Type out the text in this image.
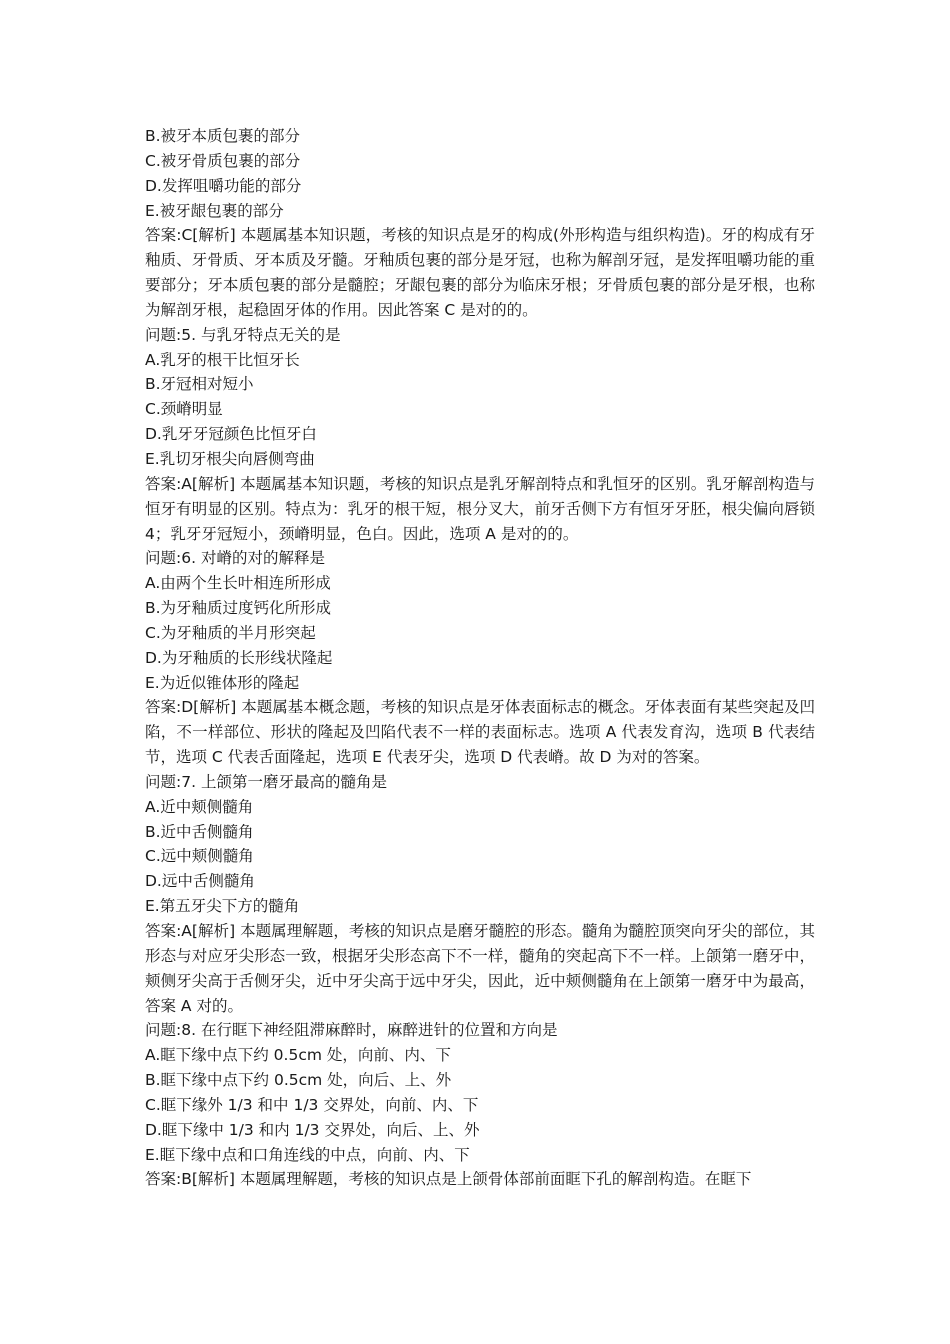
B.被牙本质包裹的部分
C.被牙骨质包裹的部分
D.发挥咀嚼功能的部分
E.被牙龈包裹的部分
答案:C[解析] 本题属基本知识题，考核的知识点是牙的构成(外形构造与组织构造)。牙的构成有牙釉质、牙骨质、牙本质及牙髓。牙釉质包裹的部分是牙冠，也称为解剖牙冠，是发挥咀嚼功能的重要部分；牙本质包裹的部分是髓腔；牙龈包裹的部分为临床牙根；牙骨质包裹的部分是牙根，也称为解剖牙根，起稳固牙体的作用。因此答案 C 是对的的。
问题:5. 与乳牙特点无关的是
A.乳牙的根干比恒牙长
B.牙冠相对短小
C.颈嵴明显
D.乳牙牙冠颜色比恒牙白
E.乳切牙根尖向唇侧弯曲
答案:A[解析] 本题属基本知识题，考核的知识点是乳牙解剖特点和乳恒牙的区别。乳牙解剖构造与恒牙有明显的区别。特点为：乳牙的根干短，根分叉大，前牙舌侧下方有恒牙牙胚，根尖偏向唇锁 4；乳牙牙冠短小，颈嵴明显，色白。因此，选项 A 是对的的。
问题:6. 对嵴的对的解释是
A.由两个生长叶相连所形成
B.为牙釉质过度钙化所形成
C.为牙釉质的半月形突起
D.为牙釉质的长形线状隆起
E.为近似锥体形的隆起
答案:D[解析] 本题属基本概念题，考核的知识点是牙体表面标志的概念。牙体表面有某些突起及凹陷，不一样部位、形状的隆起及凹陷代表不一样的表面标志。选项 A 代表发育沟，选项 B 代表结节，选项 C 代表舌面隆起，选项 E 代表牙尖，选项 D 代表嵴。故 D 为对的答案。
问题:7. 上颌第一磨牙最高的髓角是
A.近中颊侧髓角
B.近中舌侧髓角
C.远中颊侧髓角
D.远中舌侧髓角
E.第五牙尖下方的髓角
答案:A[解析] 本题属理解题，考核的知识点是磨牙髓腔的形态。髓角为髓腔顶突向牙尖的部位，其形态与对应牙尖形态一致，根据牙尖形态高下不一样，髓角的突起高下不一样。上颌第一磨牙中，颊侧牙尖高于舌侧牙尖，近中牙尖高于远中牙尖，因此，近中颊侧髓角在上颌第一磨牙中为最高，答案 A 对的。
问题:8. 在行眶下神经阻滞麻醉时，麻醉进针的位置和方向是
A.眶下缘中点下约 0.5cm 处，向前、内、下
B.眶下缘中点下约 0.5cm 处，向后、上、外
C.眶下缘外 1/3 和中 1/3 交界处，向前、内、下
D.眶下缘中 1/3 和内 1/3 交界处，向后、上、外
E.眶下缘中点和口角连线的中点，向前、内、下
答案:B[解析] 本题属理解题，考核的知识点是上颌骨体部前面眶下孔的解剖构造。在眶下
